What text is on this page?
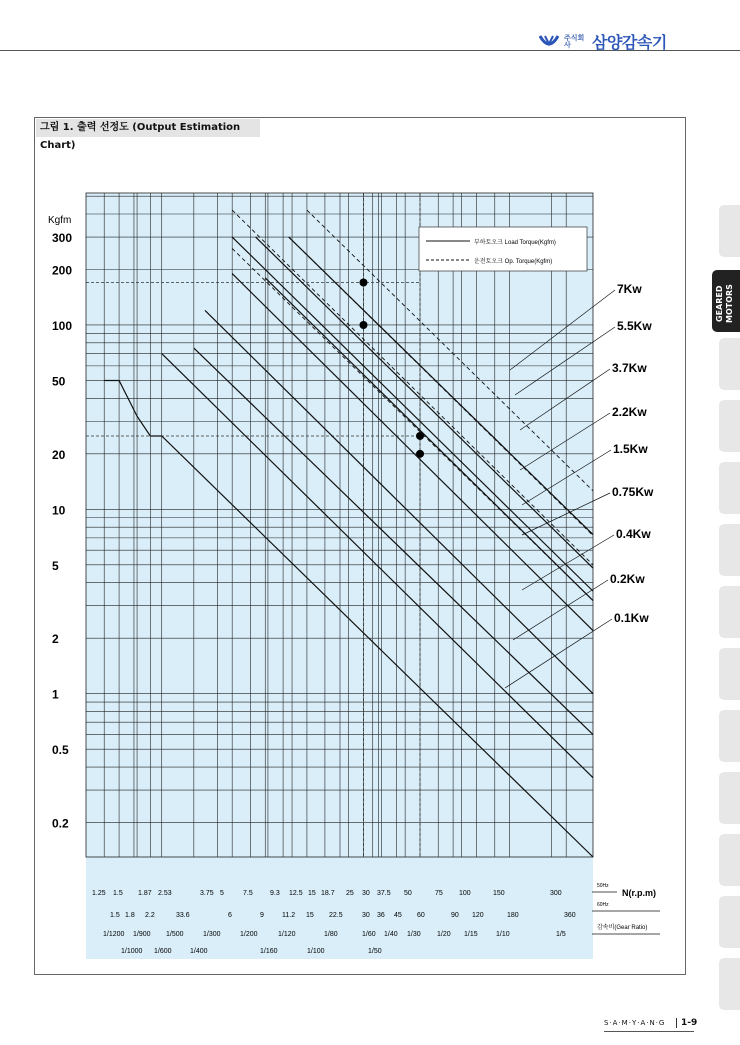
주식회사	삼양감속기
그림 1. 출력 선정도 (Output Estimation Chart)
Kgfm
300
200
100
50
20
10
5
2
1
0.5
0.2
1.25 1.5 1.87 2.53	3.75 5	7.5 9.3 12.5 15 18.7 25 30 37.5 50	75 100	150	300
1.5 1.8 2.2	33.6	6	9	11.2 15 22.5	30 36 45 60	90 120	180	360
1/1200 1/900 1/500	1/300	1/200	1/120	1/80	1/60 1/40 1/30 1/20 1/15	1/10	1/5
1/1000 1/600	1/400	1/160	1/100	1/50
7Kw
5.5Kw
3.7Kw
2.2Kw
1.5Kw
0.75Kw
0.4Kw
0.2Kw
0.1Kw
부하토오크 Load Torque(Kgfm)
운전토오크 Op. Torque(Kgfm)
50Hz
N(r.p.m)
60Hz
감속비(Gear Ratio)
GEARED MOTORS
S·A·M·Y·A·N·G	1-9
